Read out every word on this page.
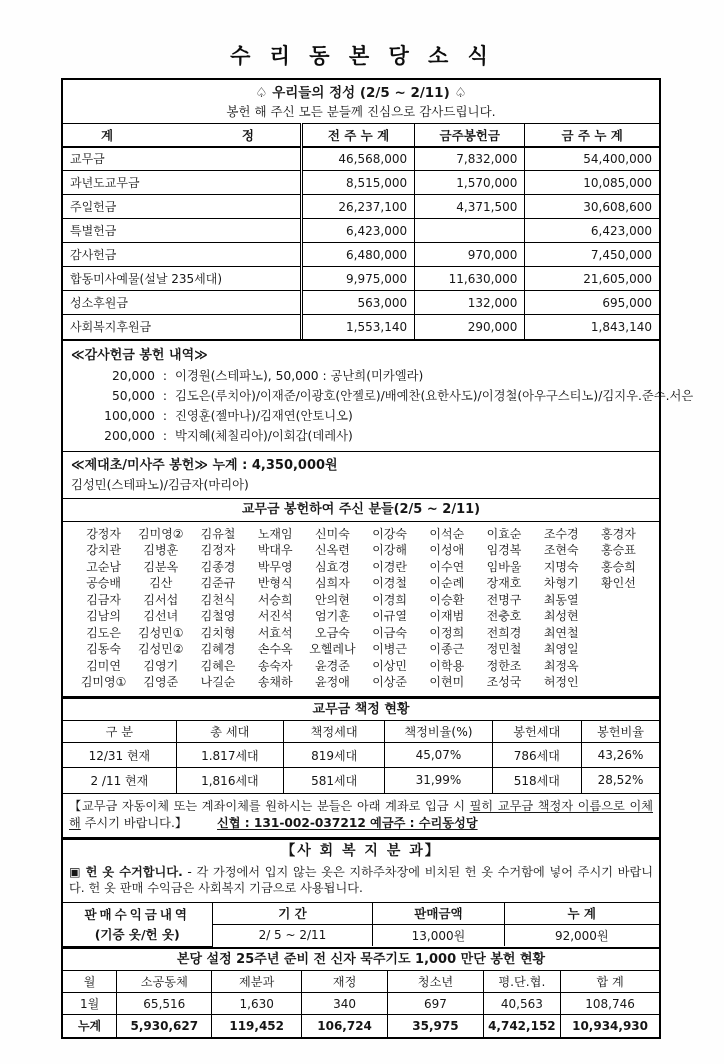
수 리 동 본 당 소 식
♤ 우리들의 정성 (2/5 ~ 2/11) ♤
봉헌 해 주신 모든 분들께 진심으로 감사드립니다.
계 정	전 주 누 계	금주봉헌금	금 주 누 계
교무금	46,568,000	7,832,000	54,400,000
과년도교무금	8,515,000	1,570,000	10,085,000
주일헌금	26,237,100	4,371,500	30,608,600
특별헌금	6,423,000		6,423,000
감사헌금	6,480,000	970,000	7,450,000
합동미사예물(설날 235세대)	9,975,000	11,630,000	21,605,000
성소후원금	563,000	132,000	695,000
사회복지후원금	1,553,140	290,000	1,843,140
≪감사헌금 봉헌 내역≫
20,000 : 이경원(스테파노), 50,000 : 공난희(미카엘라)
50,000 : 김도은(루치아)/이재준/이광호(안젤로)/배예찬(요한사도)/이경철(아우구스티노)/김지우.준수.서은
100,000 : 진영훈(젤마나)/김재연(안토니오)
200,000 : 박지혜(체칠리아)/이회갑(데레사)
≪제대초/미사주 봉헌≫ 누계 : 4,350,000원
김성민(스테파노)/김금자(마리아)
교무금 봉헌하여 주신 분들(2/5 ~ 2/11)
강정자	김미영②	김유철	노재임	신미숙	이강숙	이석순	이효순	조수경	홍경자
강치관	김병훈	김정자	박대우	신옥련	이강해	이성애	임경복	조현숙	홍승표
고순남	김분옥	김종경	박무영	심효경	이경란	이수연	임바울	지명숙	홍승희
공승배	김산	김준규	반형식	심희자	이경철	이순례	장재호	차형기	황인선
김금자	김서섭	김천식	서승희	안의현	이경희	이승환	전명구	최동열
김남의	김선녀	김철영	서진석	엄기훈	이규열	이재범	전충호	최성현
김도은	김성민①	김치형	서효석	오금숙	이금숙	이정희	전희경	최연철
김동숙	김성민②	김혜경	손수옥	오헬레나	이병근	이종근	정민철	최영일
김미연	김영기	김혜은	송숙자	윤경준	이상민	이학용	정한조	최정옥
김미영①	김영준	나길순	송채하	윤정애	이상준	이현미	조성국	허정인
교무금 책정 현황
구 분	총 세대	책정세대	책정비율(%)	봉헌세대	봉헌비율
12/31 현재	1.817세대	819세대	45,07%	786세대	43,26%
2 /11 현재	1,816세대	581세대	31,99%	518세대	28,52%
【교무금 자동이체 또는 계좌이체를 원하시는 분들은 아래 계좌로 입금 시 필히 교무금 책정자 이름으로 이체해 주시기 바랍니다.】 신협 : 131-002-037212 예금주 : 수리동성당
【사 회 복 지 분 과】
▣ 헌 옷 수거합니다. - 각 가정에서 입지 않는 옷은 지하주차장에 비치된 헌 옷 수거함에 넣어 주시기 바랍니다. 헌 옷 판매 수익금은 사회복지 기금으로 사용됩니다.
판매수익금내역
(기증 옷/헌 옷)	기 간	판매금액	누 계
	2/ 5 ~ 2/11	13,000원	92,000원
본당 설정 25주년 준비 전 신자 묵주기도 1,000 만단 봉헌 현황
월	소공동체	제분과	재정	청소년	평.단.협.	합 계
1월	65,516	1,630	340	697	40,563	108,746
누계	5,930,627	119,452	106,724	35,975	4,742,152	10,934,930
